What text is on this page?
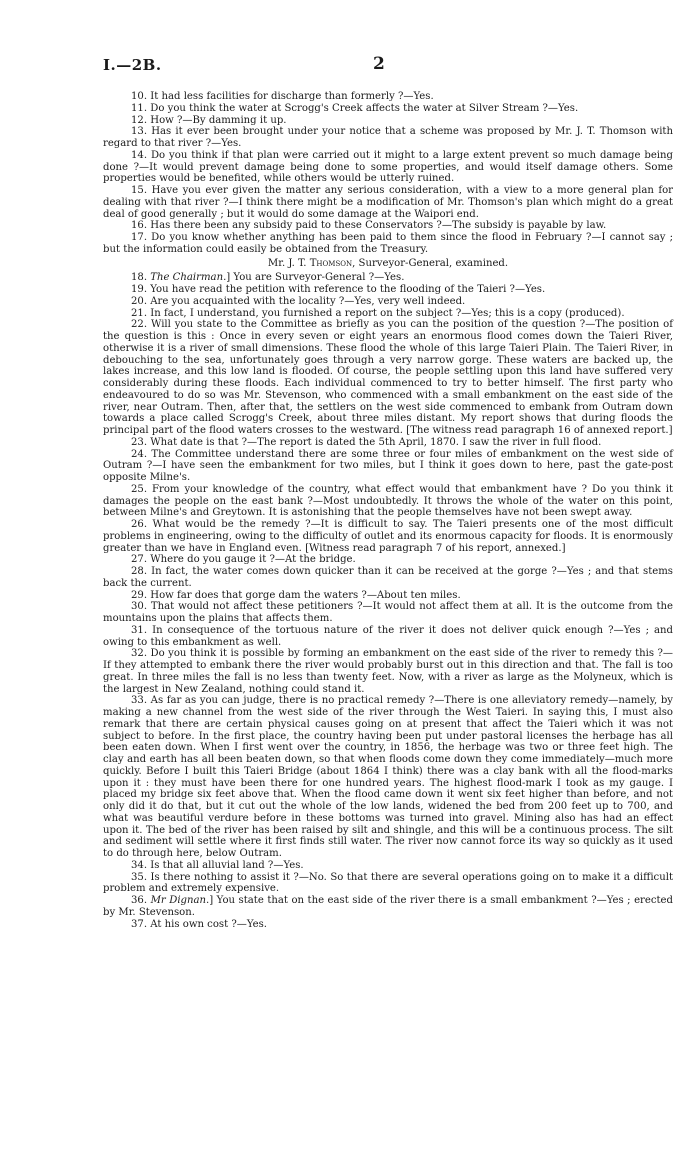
I.—2B.	2

10. It had less facilities for discharge than formerly ?—Yes.

11. Do you think the water at Scrogg's Creek affects the water at Silver Stream ?—Yes.

12. How ?—By damming it up.

13. Has it ever been brought under your notice that a scheme was proposed by Mr. J. T. Thomson with regard to that river ?—Yes.

14. Do you think if that plan were carried out it might to a large extent prevent so much damage being done ?—It would prevent damage being done to some properties, and would itself damage others. Some properties would be benefited, while others would be utterly ruined.

15. Have you ever given the matter any serious consideration, with a view to a more general plan for dealing with that river ?—I think there might be a modification of Mr. Thomson's plan which might do a great deal of good generally ; but it would do some damage at the Waipori end.

16. Has there been any subsidy paid to these Conservators ?—The subsidy is payable by law.

17. Do you know whether anything has been paid to them since the flood in February ?—I cannot say ; but the information could easily be obtained from the Treasury.

Mr. J. T. Thomson, Surveyor-General, examined.

18. The Chairman.] You are Surveyor-General ?—Yes.

19. You have read the petition with reference to the flooding of the Taieri ?—Yes.

20. Are you acquainted with the locality ?—Yes, very well indeed.

21. In fact, I understand, you furnished a report on the subject ?—Yes; this is a copy (produced).

22. Will you state to the Committee as briefly as you can the position of the question ?—The position of the question is this : Once in every seven or eight years an enormous flood comes down the Taieri River, otherwise it is a river of small dimensions. These flood the whole of this large Taieri Plain. The Taieri River, in debouching to the sea, unfortunately goes through a very narrow gorge. These waters are backed up, the lakes increase, and this low land is flooded. Of course, the people settling upon this land have suffered very considerably during these floods. Each individual commenced to try to better himself. The first party who endeavoured to do so was Mr. Stevenson, who commenced with a small embankment on the east side of the river, near Outram. Then, after that, the settlers on the west side commenced to embank from Outram down towards a place called Scrogg's Creek, about three miles distant. My report shows that during floods the principal part of the flood waters crosses to the westward. [The witness read paragraph 16 of annexed report.]

23. What date is that ?—The report is dated the 5th April, 1870. I saw the river in full flood.

24. The Committee understand there are some three or four miles of embankment on the west side of Outram ?—I have seen the embankment for two miles, but I think it goes down to here, past the gate-post opposite Milne's.

25. From your knowledge of the country, what effect would that embankment have ? Do you think it damages the people on the east bank ?—Most undoubtedly. It throws the whole of the water on this point, between Milne's and Greytown. It is astonishing that the people themselves have not been swept away.

26. What would be the remedy ?—It is difficult to say. The Taieri presents one of the most difficult problems in engineering, owing to the difficulty of outlet and its enormous capacity for floods. It is enormously greater than we have in England even. [Witness read paragraph 7 of his report, annexed.]

27. Where do you gauge it ?—At the bridge.

28. In fact, the water comes down quicker than it can be received at the gorge ?—Yes ; and that stems back the current.

29. How far does that gorge dam the waters ?—About ten miles.

30. That would not affect these petitioners ?—It would not affect them at all. It is the outcome from the mountains upon the plains that affects them.

31. In consequence of the tortuous nature of the river it does not deliver quick enough ?—Yes ; and owing to this embankment as well.

32. Do you think it is possible by forming an embankment on the east side of the river to remedy this ?—If they attempted to embank there the river would probably burst out in this direction and that. The fall is too great. In three miles the fall is no less than twenty feet. Now, with a river as large as the Molyneux, which is the largest in New Zealand, nothing could stand it.

33. As far as you can judge, there is no practical remedy ?—There is one alleviatory remedy—namely, by making a new channel from the west side of the river through the West Taieri. In saying this, I must also remark that there are certain physical causes going on at present that affect the Taieri which it was not subject to before. In the first place, the country having been put under pastoral licenses the herbage has all been eaten down. When I first went over the country, in 1856, the herbage was two or three feet high. The clay and earth has all been beaten down, so that when floods come down they come immediately—much more quickly. Before I built this Taieri Bridge (about 1864 I think) there was a clay bank with all the flood-marks upon it : they must have been there for one hundred years. The highest flood-mark I took as my gauge. I placed my bridge six feet above that. When the flood came down it went six feet higher than before, and not only did it do that, but it cut out the whole of the low lands, widened the bed from 200 feet up to 700, and what was beautiful verdure before in these bottoms was turned into gravel. Mining also has had an effect upon it. The bed of the river has been raised by silt and shingle, and this will be a continuous process. The silt and sediment will settle where it first finds still water. The river now cannot force its way so quickly as it used to do through here, below Outram.

34. Is that all alluvial land ?—Yes.

35. Is there nothing to assist it ?—No. So that there are several operations going on to make it a difficult problem and extremely expensive.

36. Mr Dignan.] You state that on the east side of the river there is a small embankment ?—Yes ; erected by Mr. Stevenson.

37. At his own cost ?—Yes.
